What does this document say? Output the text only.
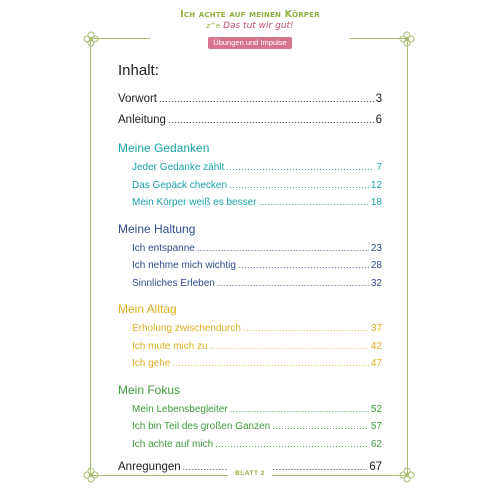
Ich achte auf meinen Körper
z^e Das tut wir gut!
Übungen und Impulse
Inhalt:
Vorwort .....	3
Anleitung .....	6
Meine Gedanken
Jeder Gedanke zählt .....	7
Das Gepäck checken .....	12
Mein Körper weiß es besser .....	18
Meine Haltung
Ich entspanne .....	23
Ich nehme mich wichtig .....	28
Sinnliches Erleben .....	32
Mein Alltag
Erholung zwischendurch .....	37
Ich mute mich zu .....	42
Ich gehe .....	47
Mein Fokus
Mein Lebensbegleiter .....	52
Ich bin Teil des großen Ganzen .....	57
Ich achte auf mich .....	62
Anregungen .....	67
BLATT 2
